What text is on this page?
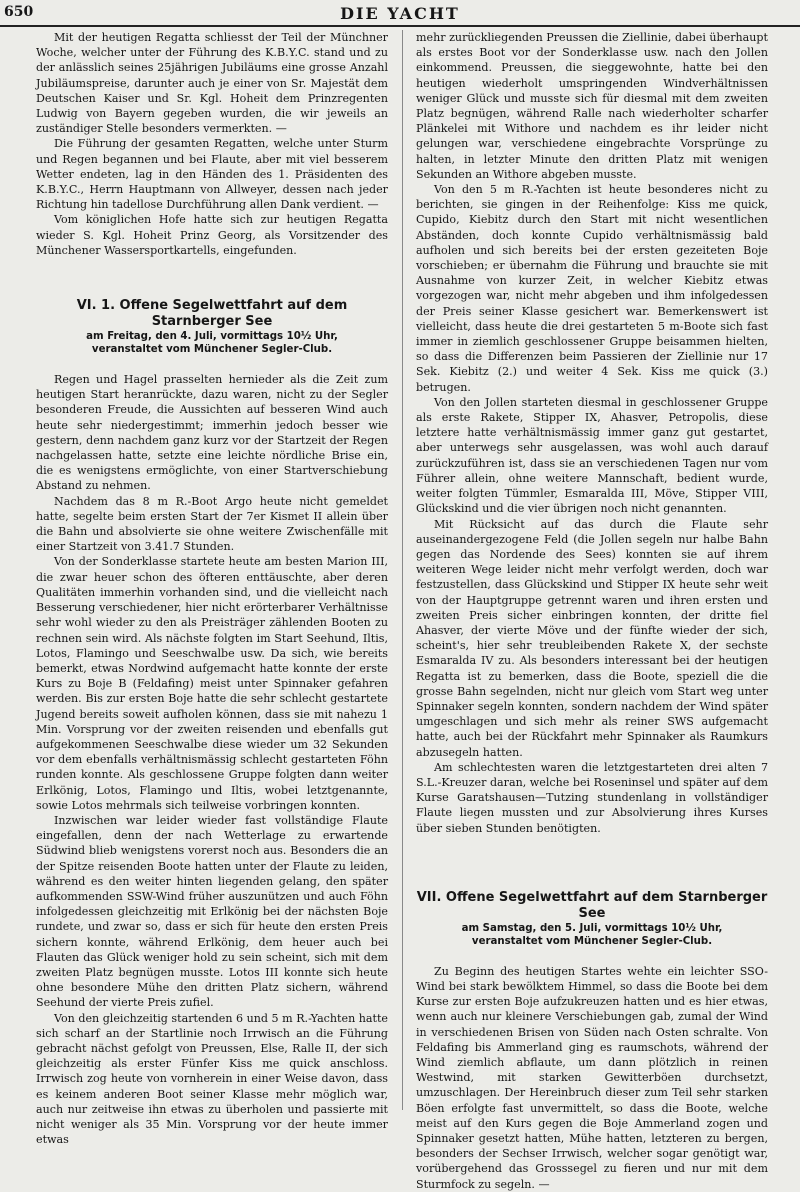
650	DIE YACHT

Mit der heutigen Regatta schliesst der Teil der Münchner Woche, welcher unter der Führung des K.B.Y.C. stand und zu der anlässlich seines 25jährigen Jubiläums eine grosse Anzahl Jubiläumspreise, darunter auch je einer von Sr. Majestät dem Deutschen Kaiser und Sr. Kgl. Hoheit dem Prinzregenten Ludwig von Bayern gegeben wurden, die wir jeweils an zuständiger Stelle besonders vermerkten. —

Die Führung der gesamten Regatten, welche unter Sturm und Regen begannen und bei Flaute, aber mit viel besserem Wetter endeten, lag in den Händen des 1. Präsidenten des K.B.Y.C., Herrn Hauptmann von Allweyer, dessen nach jeder Richtung hin tadellose Durchführung allen Dank verdient. —

Vom königlichen Hofe hatte sich zur heutigen Regatta wieder S. Kgl. Hoheit Prinz Georg, als Vorsitzender des Münchener Wassersportkartells, eingefunden.

VI. 1. Offene Segelwettfahrt auf dem Starnberger See

am Freitag, den 4. Juli, vormittags 10½ Uhr,

veranstaltet vom Münchener Segler-Club.

Regen und Hagel prasselten hernieder als die Zeit zum heutigen Start heranrückte, dazu waren, nicht zu der Segler besonderen Freude, die Aussichten auf besseren Wind auch heute sehr niedergestimmt; immerhin jedoch besser wie gestern, denn nachdem ganz kurz vor der Startzeit der Regen nachgelassen hatte, setzte eine leichte nördliche Brise ein, die es wenigstens ermöglichte, von einer Startverschiebung Abstand zu nehmen.

Nachdem das 8 m R.-Boot Argo heute nicht gemeldet hatte, segelte beim ersten Start der 7er Kismet II allein über die Bahn und absolvierte sie ohne weitere Zwischenfälle mit einer Startzeit von 3.41.7 Stunden.

Von der Sonderklasse startete heute am besten Marion III, die zwar heuer schon des öfteren enttäuschte, aber deren Qualitäten immerhin vorhanden sind, und die vielleicht nach Besserung verschiedener, hier nicht erörterbarer Verhältnisse sehr wohl wieder zu den als Preisträger zählenden Booten zu rechnen sein wird. Als nächste folgten im Start Seehund, Iltis, Lotos, Flamingo und Seeschwalbe usw. Da sich, wie bereits bemerkt, etwas Nordwind aufgemacht hatte konnte der erste Kurs zu Boje B (Feldafing) meist unter Spinnaker gefahren werden. Bis zur ersten Boje hatte die sehr schlecht gestartete Jugend bereits soweit aufholen können, dass sie mit nahezu 1 Min. Vorsprung vor der zweiten reisenden und ebenfalls gut aufgekommenen Seeschwalbe diese wieder um 32 Sekunden vor dem ebenfalls verhältnismässig schlecht gestarteten Föhn runden konnte. Als geschlossene Gruppe folgten dann weiter Erlkönig, Lotos, Flamingo und Iltis, wobei letztgenannte, sowie Lotos mehrmals sich teilweise vorbringen konnten.

Inzwischen war leider wieder fast vollständige Flaute eingefallen, denn der nach Wetterlage zu erwartende Südwind blieb wenigstens vorerst noch aus. Besonders die an der Spitze reisenden Boote hatten unter der Flaute zu leiden, während es den weiter hinten liegenden gelang, den später aufkommenden SSW-Wind früher auszunützen und auch Föhn infolgedessen gleichzeitig mit Erlkönig bei der nächsten Boje rundete, und zwar so, dass er sich für heute den ersten Preis sichern konnte, während Erlkönig, dem heuer auch bei Flauten das Glück weniger hold zu sein scheint, sich mit dem zweiten Platz begnügen musste. Lotos III konnte sich heute ohne besondere Mühe den dritten Platz sichern, während Seehund der vierte Preis zufiel.

Von den gleichzeitig startenden 6 und 5 m R.-Yachten hatte sich scharf an der Startlinie noch Irrwisch an die Führung gebracht nächst gefolgt von Preussen, Else, Ralle II, der sich gleichzeitig als erster Fünfer Kiss me quick anschloss. Irrwisch zog heute von vornherein in einer Weise davon, dass es keinem anderen Boot seiner Klasse mehr möglich war, auch nur zeitweise ihn etwas zu überholen und passierte mit nicht weniger als 35 Min. Vorsprung vor der heute immer etwas

mehr zurückliegenden Preussen die Ziellinie, dabei überhaupt als erstes Boot vor der Sonderklasse usw. nach den Jollen einkommend. Preussen, die sieggewohnte, hatte bei den heutigen wiederholt umspringenden Windverhältnissen weniger Glück und musste sich für diesmal mit dem zweiten Platz begnügen, während Ralle nach wiederholter scharfer Plänkelei mit Withore und nachdem es ihr leider nicht gelungen war, verschiedene eingebrachte Vorsprünge zu halten, in letzter Minute den dritten Platz mit wenigen Sekunden an Withore abgeben musste.

Von den 5 m R.-Yachten ist heute besonderes nicht zu berichten, sie gingen in der Reihenfolge: Kiss me quick, Cupido, Kiebitz durch den Start mit nicht wesentlichen Abständen, doch konnte Cupido verhältnismässig bald aufholen und sich bereits bei der ersten gezeiteten Boje vorschieben; er übernahm die Führung und brauchte sie mit Ausnahme von kurzer Zeit, in welcher Kiebitz etwas vorgezogen war, nicht mehr abgeben und ihm infolgedessen der Preis seiner Klasse gesichert war. Bemerkenswert ist vielleicht, dass heute die drei gestarteten 5 m-Boote sich fast immer in ziemlich geschlossener Gruppe beisammen hielten, so dass die Differenzen beim Passieren der Ziellinie nur 17 Sek. Kiebitz (2.) und weiter 4 Sek. Kiss me quick (3.) betrugen.

Von den Jollen starteten diesmal in geschlossener Gruppe als erste Rakete, Stipper IX, Ahasver, Petropolis, diese letztere hatte verhältnismässig immer ganz gut gestartet, aber unterwegs sehr ausgelassen, was wohl auch darauf zurückzuführen ist, dass sie an verschiedenen Tagen nur vom Führer allein, ohne weitere Mannschaft, bedient wurde, weiter folgten Tümmler, Esmaralda III, Möve, Stipper VIII, Glückskind und die vier übrigen noch nicht genannten.

Mit Rücksicht auf das durch die Flaute sehr auseinandergezogene Feld (die Jollen segeln nur halbe Bahn gegen das Nordende des Sees) konnten sie auf ihrem weiteren Wege leider nicht mehr verfolgt werden, doch war festzustellen, dass Glückskind und Stipper IX heute sehr weit von der Hauptgruppe getrennt waren und ihren ersten und zweiten Preis sicher einbringen konnten, der dritte fiel Ahasver, der vierte Möve und der fünfte wieder der sich, scheint's, hier sehr treubleibenden Rakete X, der sechste Esmaralda IV zu. Als besonders interessant bei der heutigen Regatta ist zu bemerken, dass die Boote, speziell die die grosse Bahn segelnden, nicht nur gleich vom Start weg unter Spinnaker segeln konnten, sondern nachdem der Wind später umgeschlagen und sich mehr als reiner SWS aufgemacht hatte, auch bei der Rückfahrt mehr Spinnaker als Raumkurs abzusegeln hatten.

Am schlechtesten waren die letztgestarteten drei alten 7 S.L.-Kreuzer daran, welche bei Roseninsel und später auf dem Kurse Garatshausen—Tutzing stundenlang in vollständiger Flaute liegen mussten und zur Absolvierung ihres Kurses über sieben Stunden benötigten.

VII. Offene Segelwettfahrt auf dem Starnberger See

am Samstag, den 5. Juli, vormittags 10½ Uhr,

veranstaltet vom Münchener Segler-Club.

Zu Beginn des heutigen Startes wehte ein leichter SSO-Wind bei stark bewölktem Himmel, so dass die Boote bei dem Kurse zur ersten Boje aufzukreuzen hatten und es hier etwas, wenn auch nur kleinere Verschiebungen gab, zumal der Wind in verschiedenen Brisen von Süden nach Osten schralte. Von Feldafing bis Ammerland ging es raumschots, während der Wind ziemlich abflaute, um dann plötzlich in reinen Westwind, mit starken Gewitterböen durchsetzt, umzuschlagen. Der Hereinbruch dieser zum Teil sehr starken Böen erfolgte fast unvermittelt, so dass die Boote, welche meist auf den Kurs gegen die Boje Ammerland zogen und Spinnaker gesetzt hatten, Mühe hatten, letzteren zu bergen, besonders der Sechser Irrwisch, welcher sogar genötigt war, vorübergehend das Grosssegel zu fieren und nur mit dem Sturmfock zu segeln. —
